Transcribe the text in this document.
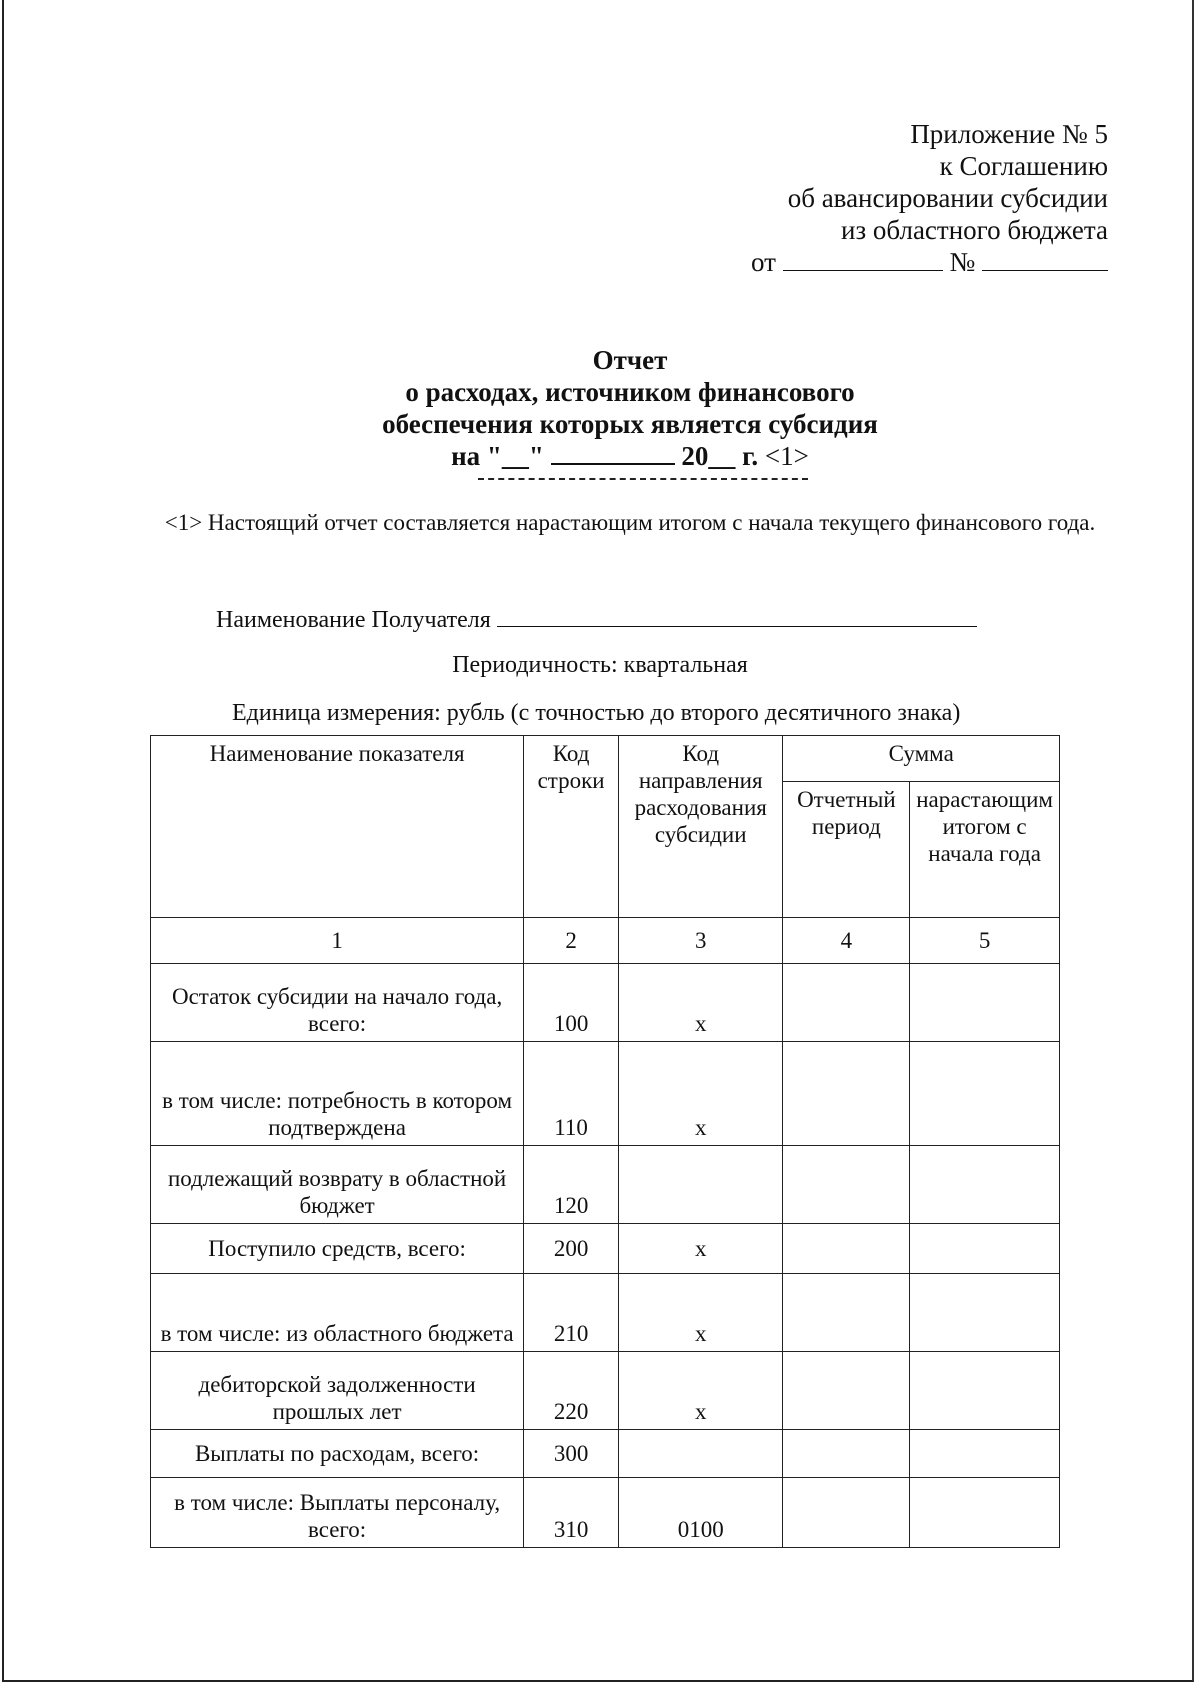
Приложение № 5
к Соглашению
об авансировании субсидии
из областного бюджета
от	№
Отчет
о расходах, источником финансового
обеспечения которых является субсидия
на "__"	20__ г. <1>
<1> Настоящий отчет составляется нарастающим итогом с начала текущего финансового года.
Наименование Получателя
Периодичность: квартальная
Единица измерения: рубль (с точностью до второго десятичного знака)
Наименование показателя	Код строки	Код направления расходования субсидии	Сумма	
			Отчетный период	нарастающим итогом с начала года
1	2	3	4	5
Остаток субсидии на начало года, всего:	100	x		
в том числе: потребность в котором подтверждена	110	x		
подлежащий возврату в областной бюджет	120			
Поступило средств, всего:	200	x		
в том числе: из областного бюджета	210	x		
дебиторской задолженности прошлых лет	220	x		
Выплаты по расходам, всего:	300			
в том числе: Выплаты персоналу, всего:	310	0100		
